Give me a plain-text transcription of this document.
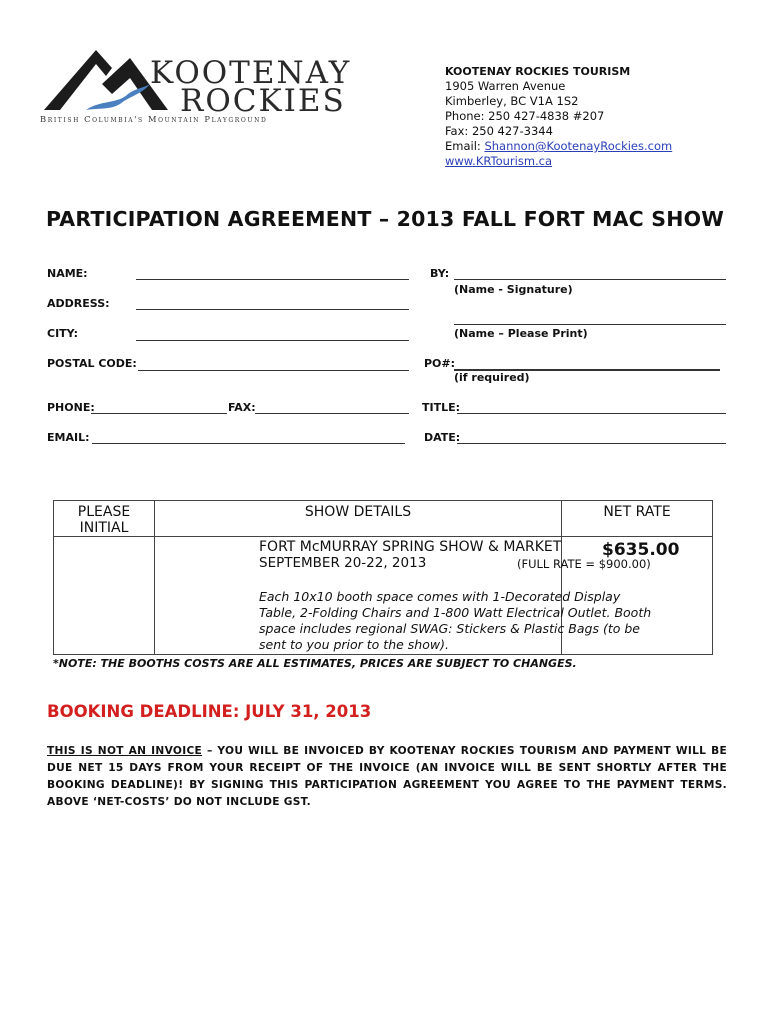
KOOTENAY
ROCKIES
British Columbia's Mountain Playground
KOOTENAY ROCKIES TOURISM
1905 Warren Avenue
Kimberley, BC V1A 1S2
Phone: 250 427-4838 #207
Fax: 250 427-3344
Email: Shannon@KootenayRockies.com
www.KRTourism.ca
PARTICIPATION AGREEMENT – 2013 FALL FORT MAC SHOW
NAME:
ADDRESS:
CITY:
POSTAL CODE:
PHONE:	FAX:
EMAIL:
BY:
(Name - Signature)
(Name – Please Print)
PO#:
(if required)
TITLE:
DATE:
PLEASE INITIAL	SHOW DETAILS	NET RATE

	FORT McMURRAY SPRING SHOW & MARKET
SEPTEMBER 20-22, 2013 (FULL RATE = $900.00)
Each 10x10 booth space comes with 1-Decorated Display Table, 2-Folding Chairs and 1-800 Watt Electrical Outlet. Booth space includes regional SWAG: Stickers & Plastic Bags (to be sent to you prior to the show).	$635.00
*NOTE: THE BOOTHS COSTS ARE ALL ESTIMATES, PRICES ARE SUBJECT TO CHANGES.
BOOKING DEADLINE: JULY 31, 2013
THIS IS NOT AN INVOICE – YOU WILL BE INVOICED BY KOOTENAY ROCKIES TOURISM AND PAYMENT WILL BE DUE NET 15 DAYS FROM YOUR RECEIPT OF THE INVOICE (AN INVOICE WILL BE SENT SHORTLY AFTER THE BOOKING DEADLINE)! BY SIGNING THIS PARTICIPATION AGREEMENT YOU AGREE TO THE PAYMENT TERMS. ABOVE ‘NET-COSTS’ DO NOT INCLUDE GST.
